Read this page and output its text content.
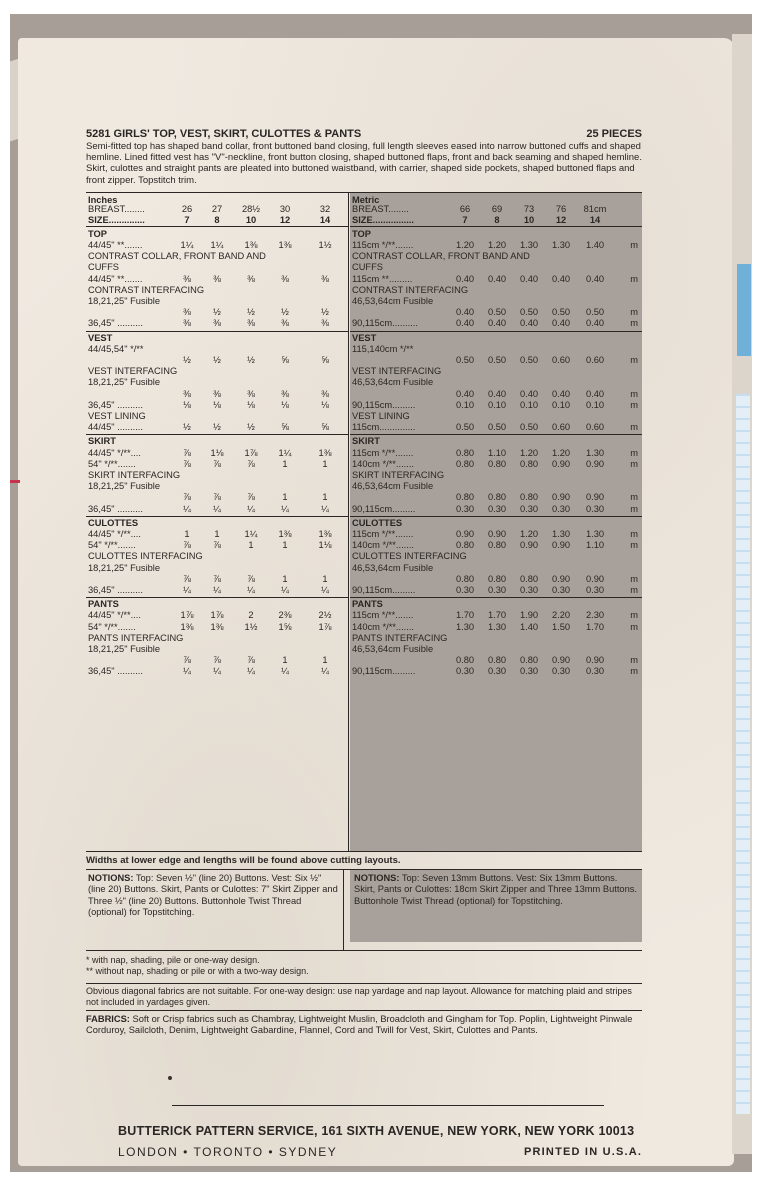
5281 GIRLS' TOP, VEST, SKIRT, CULOTTES & PANTS	25 PIECES
Semi-fitted top has shaped band collar, front buttoned band closing, full length sleeves eased into narrow buttoned cuffs and shaped hemline. Lined fitted vest has "V"-neckline, front button closing, shaped buttoned flaps, front and back seaming and shaped hemline. Skirt, culottes and straight pants are pleated into buttoned waistband, with carrier, shaped side pockets, shaped buttoned flaps and front zipper. Topstitch trim.
Inches
BREAST........	26	27	28½	30	32
SIZE..............	7	8	10	12	14
TOP
44/45" **.......	1¼	1¼	1⅜	1⅜	1½
CONTRAST COLLAR, FRONT BAND AND
CUFFS
44/45" **.......	⅜	⅜	⅜	⅜	⅜
CONTRAST INTERFACING
18,21,25" Fusible
⅜	½	½	½	½
36,45" ..........	⅜	⅜	⅜	⅜	⅜
VEST
44/45,54" */**
½	½	½	⅝	⅝
VEST INTERFACING
18,21,25" Fusible
⅜	⅜	⅜	⅜	⅜
36,45" ..........	⅛	⅛	⅛	⅛	⅛
VEST LINING
44/45" ..........	½	½	½	⅝	⅝
SKIRT
44/45" */**....	⅞	1⅛	1⅞	1¼	1⅜
54" */**.......	⅞	⅞	⅞	1	1
SKIRT INTERFACING
18,21,25" Fusible
⅞	⅞	⅞	1	1
36,45" ..........	¼	¼	¼	¼	¼
CULOTTES
44/45" */**....	1	1	1¼	1⅜	1⅜
54" */**.......	⅞	⅞	1	1	1⅛
CULOTTES INTERFACING
18,21,25" Fusible
⅞	⅞	⅞	1	1
36,45" ..........	¼	¼	¼	¼	¼
PANTS
44/45" */**....	1⅞	1⅞	2	2⅜	2½
54" */**.......	1⅜	1⅜	1½	1⅝	1⅞
PANTS INTERFACING
18,21,25" Fusible
⅞	⅞	⅞	1	1
36,45" ..........	¼	¼	¼	¼	¼
Metric
BREAST........	66	69	73	76	81cm
SIZE................	7	8	10	12	14
TOP
115cm */**.......	1.20	1.20	1.30	1.30	1.40	m
CONTRAST COLLAR, FRONT BAND AND
CUFFS
115cm **.........	0.40	0.40	0.40	0.40	0.40	m
CONTRAST INTERFACING
46,53,64cm Fusible
0.40	0.50	0.50	0.50	0.50	m
90,115cm..........	0.40	0.40	0.40	0.40	0.40	m
VEST
115,140cm */**
0.50	0.50	0.50	0.60	0.60	m
VEST INTERFACING
46,53,64cm Fusible
0.40	0.40	0.40	0.40	0.40	m
90,115cm.........	0.10	0.10	0.10	0.10	0.10	m
VEST LINING
115cm..............	0.50	0.50	0.50	0.60	0.60	m
SKIRT
115cm */**.......	0.80	1.10	1.20	1.20	1.30	m
140cm */**.......	0.80	0.80	0.80	0.90	0.90	m
SKIRT INTERFACING
46,53,64cm Fusible
0.80	0.80	0.80	0.90	0.90	m
90,115cm.........	0.30	0.30	0.30	0.30	0.30	m
CULOTTES
115cm */**.......	0.90	0.90	1.20	1.30	1.30	m
140cm */**.......	0.80	0.80	0.90	0.90	1.10	m
CULOTTES INTERFACING
46,53,64cm Fusible
0.80	0.80	0.80	0.90	0.90	m
90,115cm.........	0.30	0.30	0.30	0.30	0.30	m
PANTS
115cm */**.......	1.70	1.70	1.90	2.20	2.30	m
140cm */**.......	1.30	1.30	1.40	1.50	1.70	m
PANTS INTERFACING
46,53,64cm Fusible
0.80	0.80	0.80	0.90	0.90	m
90,115cm.........	0.30	0.30	0.30	0.30	0.30	m
Widths at lower edge and lengths will be found above cutting layouts.
NOTIONS: Top: Seven ½" (line 20) Buttons. Vest: Six ½" (line 20) Buttons. Skirt, Pants or Culottes: 7" Skirt Zipper and Three ½" (line 20) Buttons. Buttonhole Twist Thread (optional) for Topstitching.
NOTIONS: Top: Seven 13mm Buttons. Vest: Six 13mm Buttons. Skirt, Pants or Culottes: 18cm Skirt Zipper and Three 13mm Buttons. Buttonhole Twist Thread (optional) for Topstitching.
* with nap, shading, pile or one-way design.
** without nap, shading or pile or with a two-way design.
Obvious diagonal fabrics are not suitable. For one-way design: use nap yardage and nap layout. Allowance for matching plaid and stripes not included in yardages given.
FABRICS: Soft or Crisp fabrics such as Chambray, Lightweight Muslin, Broadcloth and Gingham for Top. Poplin, Lightweight Pinwale Corduroy, Sailcloth, Denim, Lightweight Gabardine, Flannel, Cord and Twill for Vest, Skirt, Culottes and Pants.
BUTTERICK PATTERN SERVICE, 161 SIXTH AVENUE, NEW YORK, NEW YORK 10013
LONDON • TORONTO • SYDNEY	PRINTED IN U.S.A.
